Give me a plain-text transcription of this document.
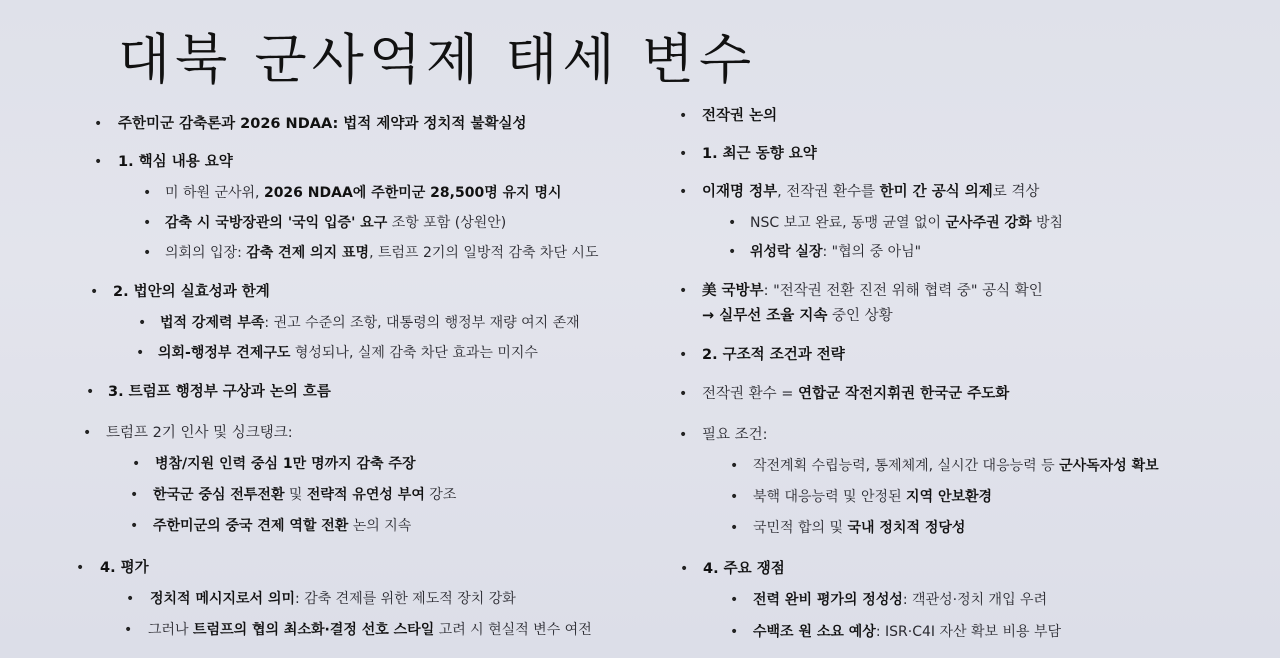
대북 군사억제 태세 변수
• 주한미군 감축론과 2026 NDAA: 법적 제약과 정치적 불확실성
• 1. 핵심 내용 요약
• 미 하원 군사위, 2026 NDAA에 주한미군 28,500명 유지 명시
• 감축 시 국방장관의 '국익 입증' 요구 조항 포함 (상원안)
• 의회의 입장: 감축 견제 의지 표명, 트럼프 2기의 일방적 감축 차단 시도
• 2. 법안의 실효성과 한계
• 법적 강제력 부족: 권고 수준의 조항, 대통령의 행정부 재량 여지 존재
• 의회-행정부 견제구도 형성되나, 실제 감축 차단 효과는 미지수
• 3. 트럼프 행정부 구상과 논의 흐름
• 트럼프 2기 인사 및 싱크탱크:
• 병참/지원 인력 중심 1만 명까지 감축 주장
• 한국군 중심 전투전환 및 전략적 유연성 부여 강조
• 주한미군의 중국 견제 역할 전환 논의 지속
• 4. 평가
• 정치적 메시지로서 의미: 감축 견제를 위한 제도적 장치 강화
• 그러나 트럼프의 협의 최소화·결정 선호 스타일 고려 시 현실적 변수 여전
• 전작권 논의
• 1. 최근 동향 요약
• 이재명 정부, 전작권 환수를 한미 간 공식 의제로 격상
• NSC 보고 완료, 동맹 균열 없이 군사주권 강화 방침
• 위성락 실장: "협의 중 아님"
• 美 국방부: "전작권 전환 진전 위해 협력 중" 공식 확인
→ 실무선 조율 지속 중인 상황
• 2. 구조적 조건과 전략
• 전작권 환수 = 연합군 작전지휘권 한국군 주도화
• 필요 조건:
• 작전계획 수립능력, 통제체계, 실시간 대응능력 등 군사독자성 확보
• 북핵 대응능력 및 안정된 지역 안보환경
• 국민적 합의 및 국내 정치적 정당성
• 4. 주요 쟁점
• 전력 완비 평가의 정성성: 객관성·정치 개입 우려
• 수백조 원 소요 예상: ISR·C4I 자산 확보 비용 부담
